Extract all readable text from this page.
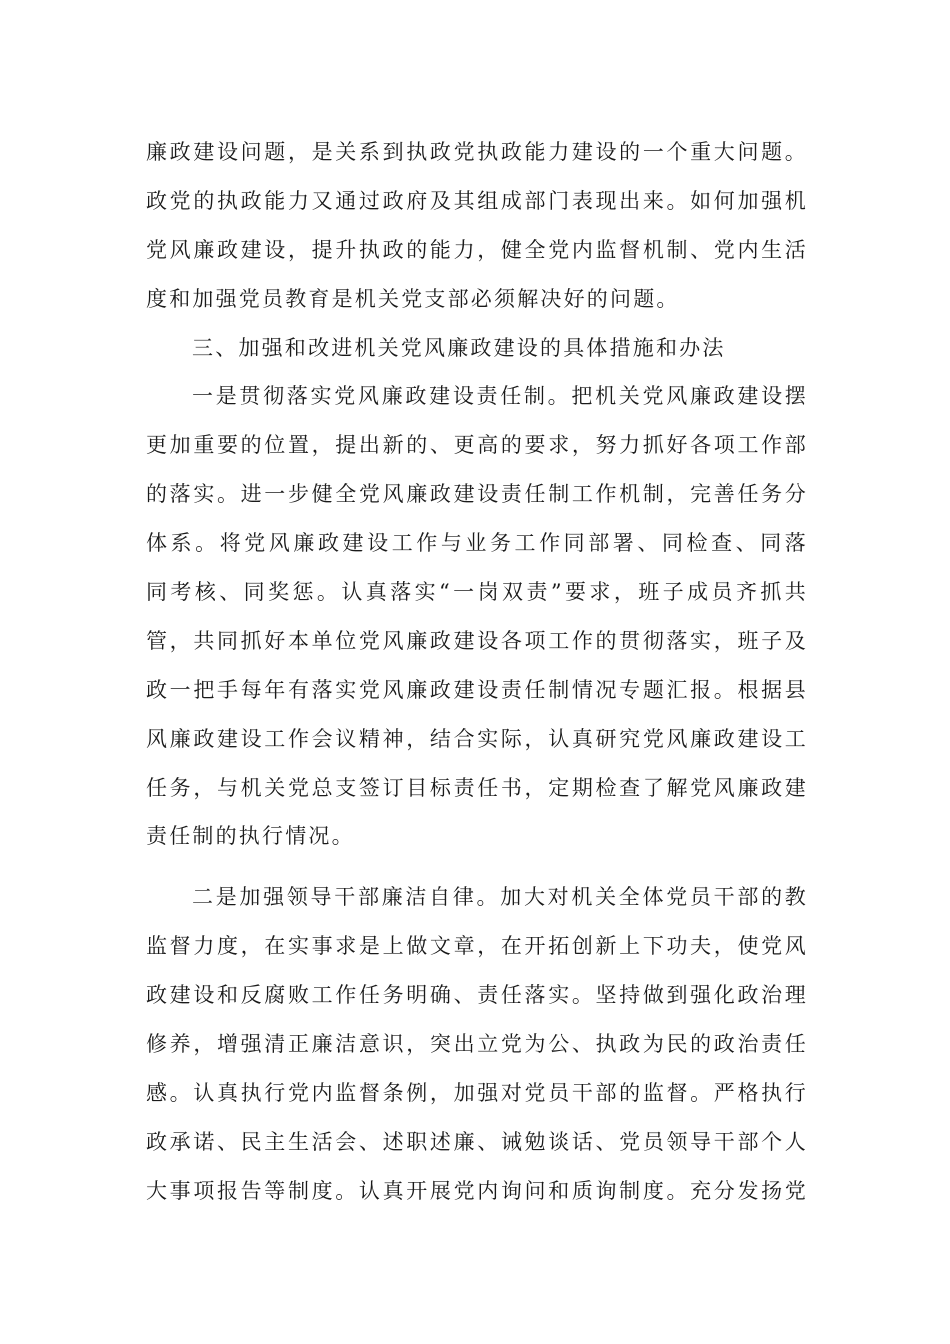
廉政建设问题，是关系到执政党执政能力建设的一个重大问题。
政党的执政能力又通过政府及其组成部门表现出来。如何加强机
党风廉政建设，提升执政的能力，健全党内监督机制、党内生活
度和加强党员教育是机关党支部必须解决好的问题。
三、加强和改进机关党风廉政建设的具体措施和办法
一是贯彻落实党风廉政建设责任制。把机关党风廉政建设摆
更加重要的位置，提出新的、更高的要求，努力抓好各项工作部
的落实。进一步健全党风廉政建设责任制工作机制，完善任务分
体系。将党风廉政建设工作与业务工作同部署、同检查、同落
同考核、同奖惩。认真落实“一岗双责”要求，班子成员齐抓共
管，共同抓好本单位党风廉政建设各项工作的贯彻落实，班子及
政一把手每年有落实党风廉政建设责任制情况专题汇报。根据县
风廉政建设工作会议精神，结合实际，认真研究党风廉政建设工
任务，与机关党总支签订目标责任书，定期检查了解党风廉政建
责任制的执行情况。
二是加强领导干部廉洁自律。加大对机关全体党员干部的教
监督力度，在实事求是上做文章，在开拓创新上下功夫，使党风
政建设和反腐败工作任务明确、责任落实。坚持做到强化政治理
修养，增强清正廉洁意识，突出立党为公、执政为民的政治责任
感。认真执行党内监督条例，加强对党员干部的监督。严格执行
政承诺、民主生活会、述职述廉、诫勉谈话、党员领导干部个人
大事项报告等制度。认真开展党内询问和质询制度。充分发扬党
